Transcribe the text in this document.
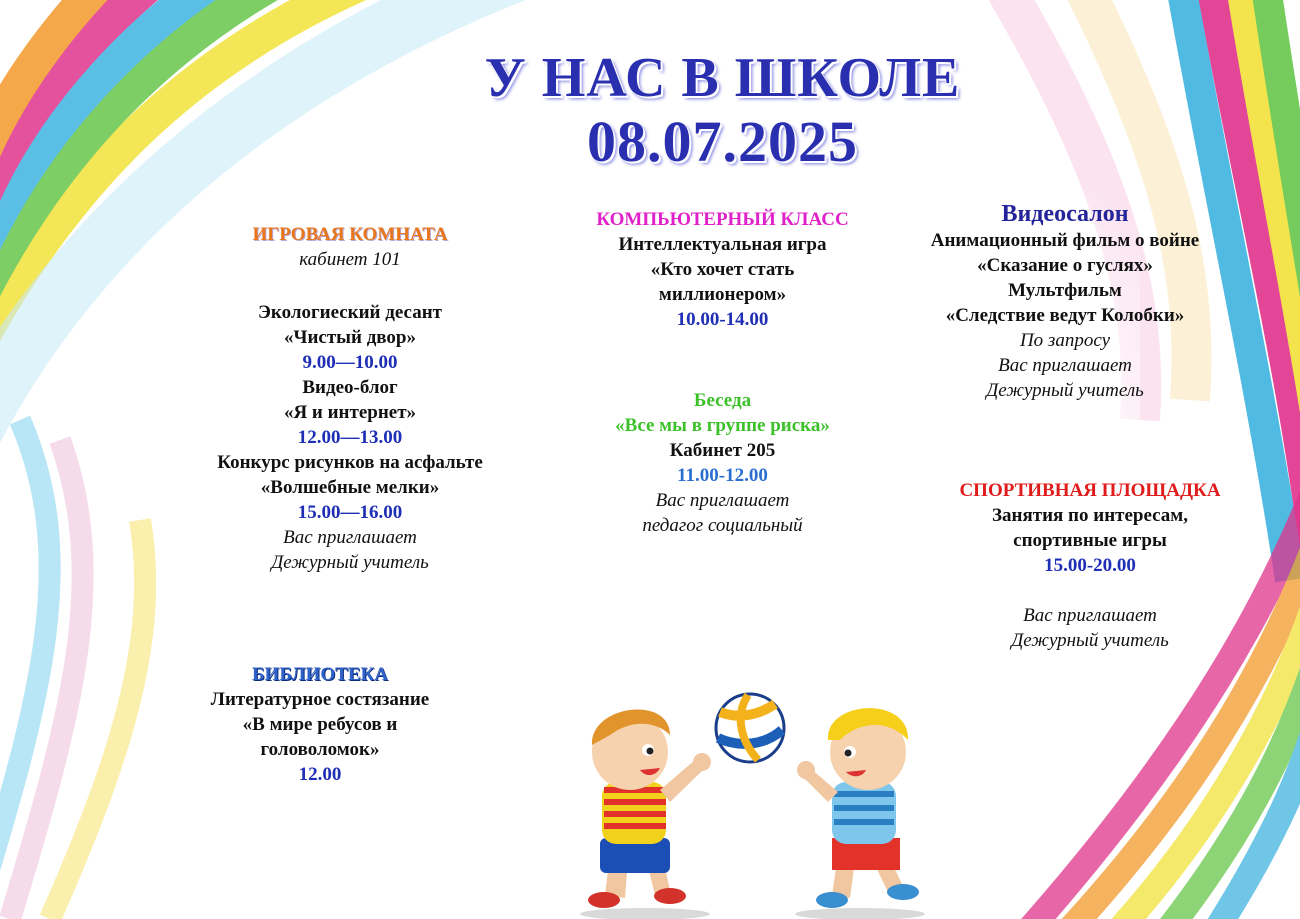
У НАС В ШКОЛЕ
08.07.2025
ИГРОВАЯ КОМНАТА
кабинет 101
Экологиеский десант
«Чистый двор»
9.00—10.00
Видео-блог
«Я и интернет»
12.00—13.00
Конкурс рисунков на асфальте
«Волшебные мелки»
15.00—16.00
Вас приглашает
Дежурный учитель
БИБЛИОТЕКА
Литературное состязание
«В мире ребусов и
головоломок»
12.00
КОМПЬЮТЕРНЫЙ КЛАСС
Интеллектуальная игра
«Кто хочет стать
миллионером»
10.00-14.00
Беседа
«Все мы в группе риска»
Кабинет 205
11.00-12.00
Вас приглашает
педагог социальный
Видеосалон
Анимационный фильм о войне
«Сказание о гуслях»
Мультфильм
«Следствие ведут Колобки»
По запросу
Вас приглашает
Дежурный учитель
СПОРТИВНАЯ ПЛОЩАДКА
Занятия по интересам,
спортивные игры
15.00-20.00
Вас приглашает
Дежурный учитель
